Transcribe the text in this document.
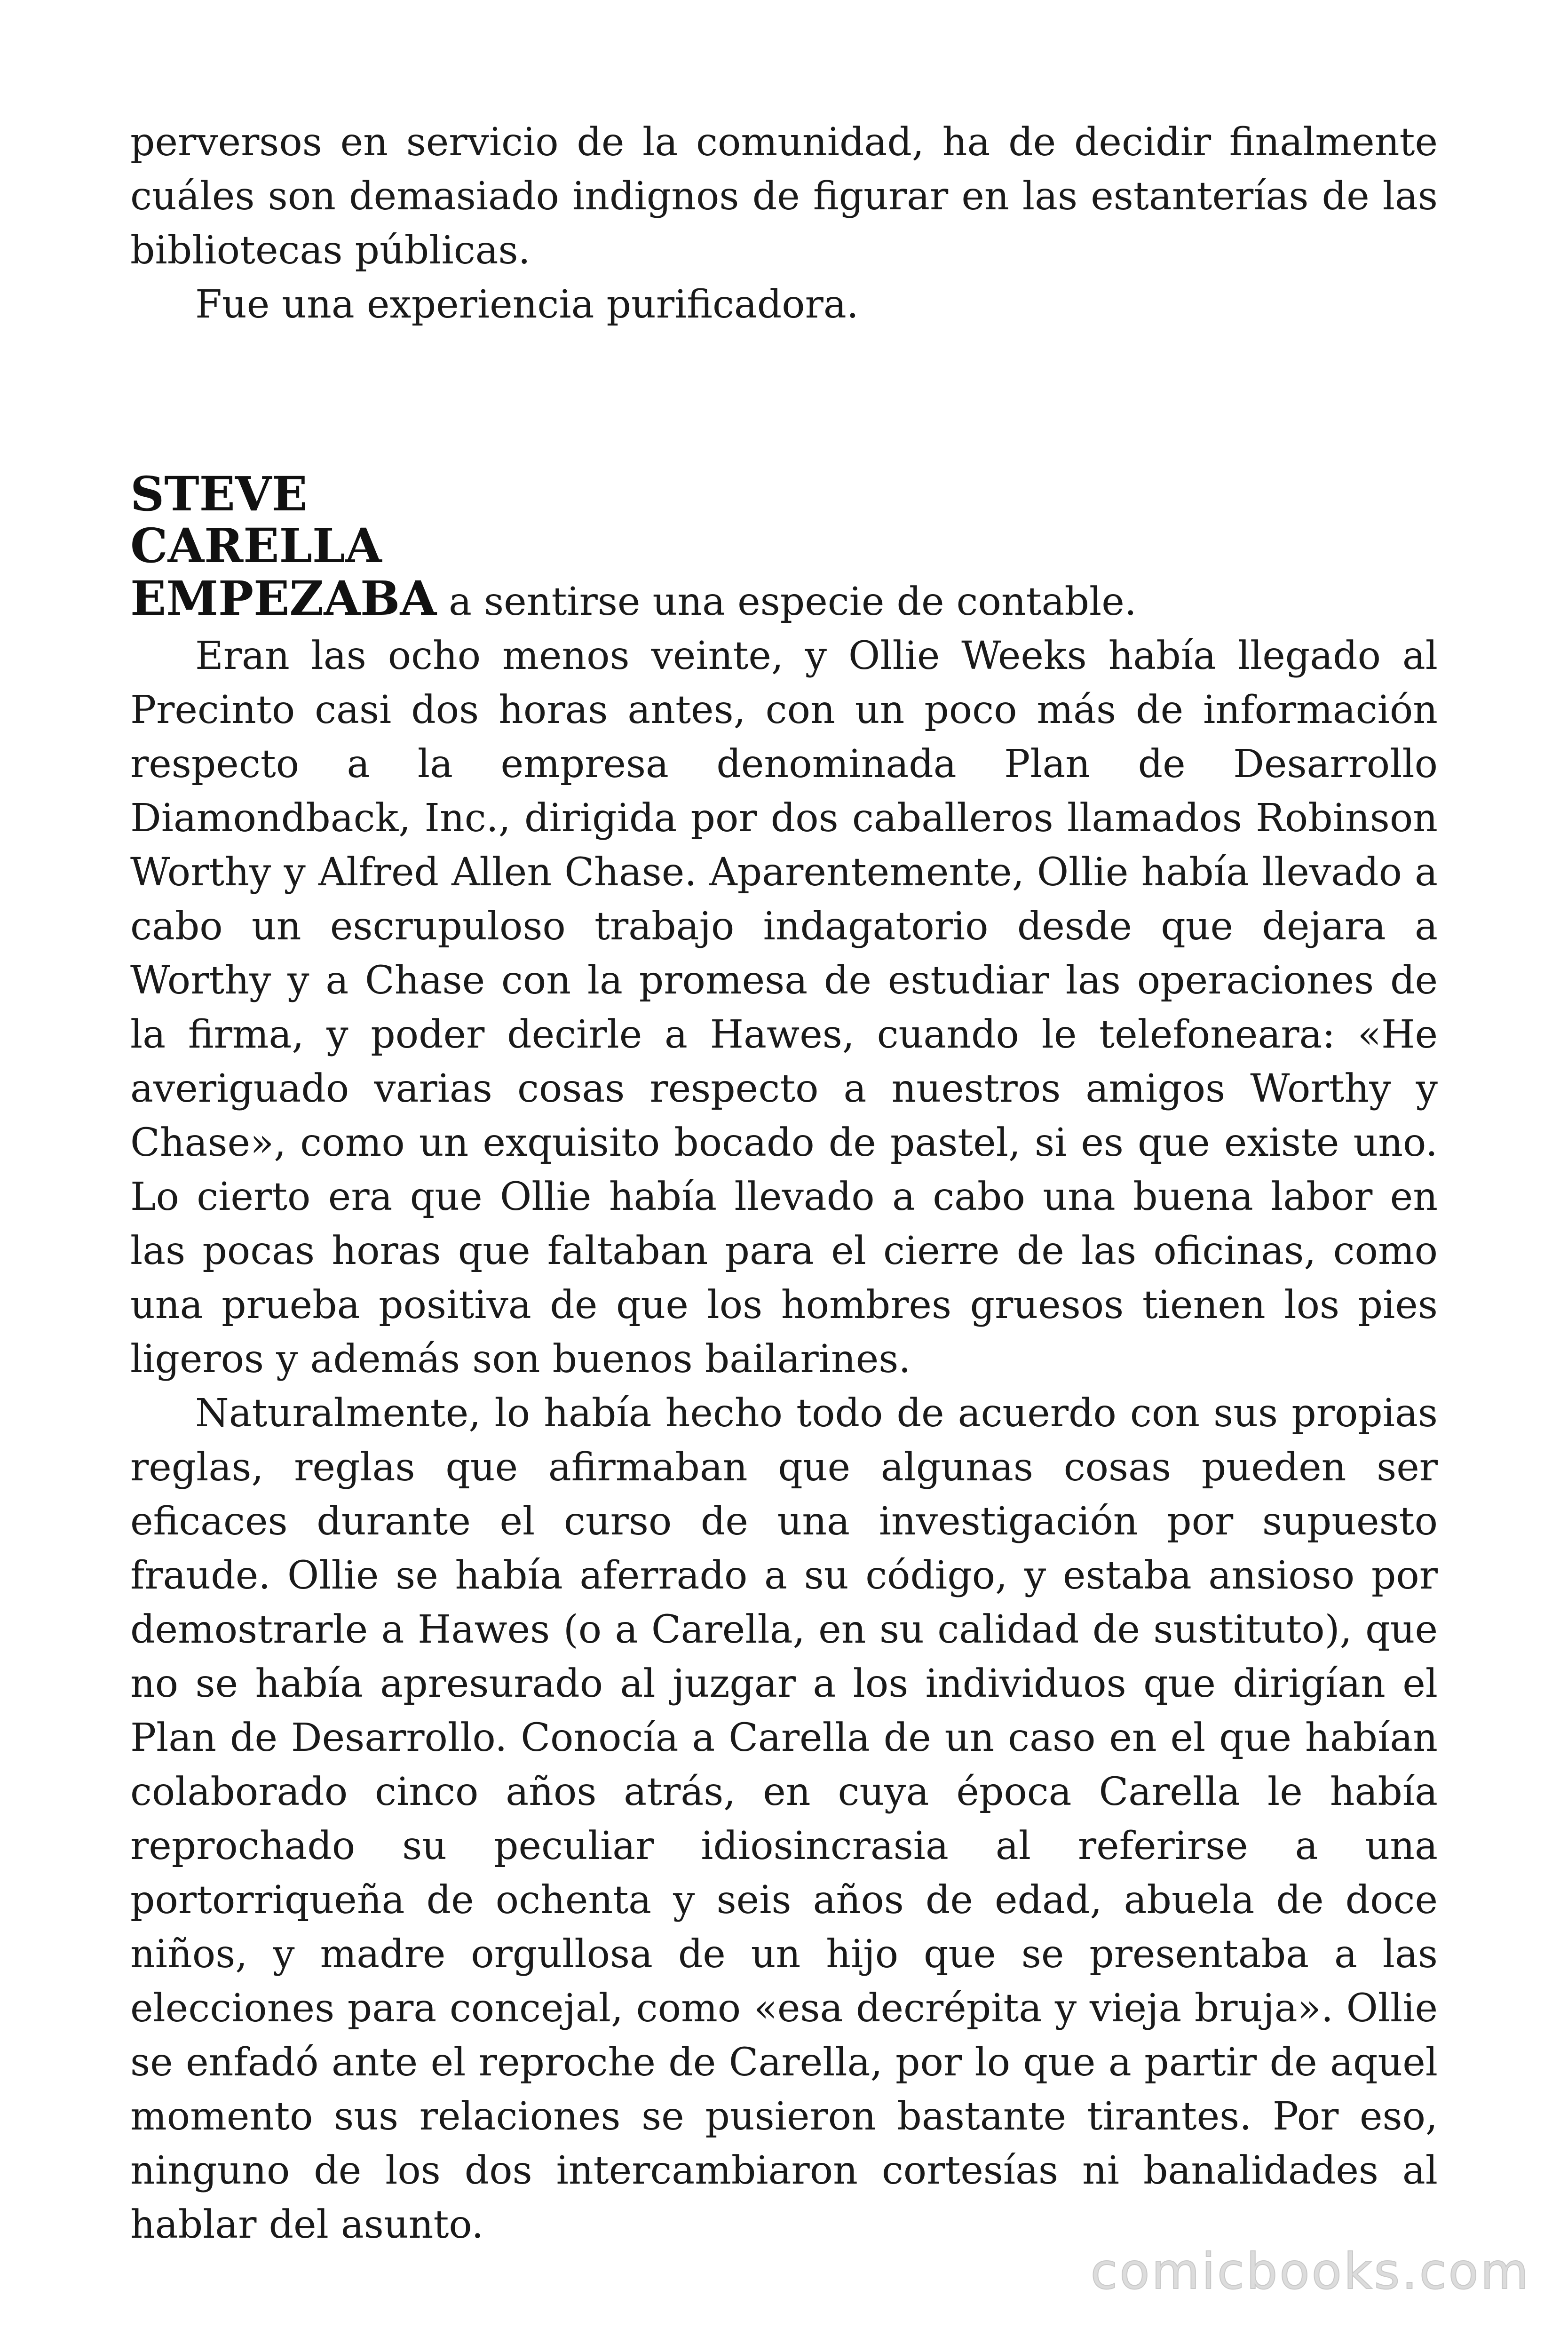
perversos en servicio de la comunidad, ha de decidir finalmente cuáles son demasiado indignos de figurar en las estanterías de las bibliotecas públicas.

Fue una experiencia purificadora.

STEVE
CARELLA

EMPEZABA a sentirse una especie de contable.

Eran las ocho menos veinte, y Ollie Weeks había llegado al Precinto casi dos horas antes, con un poco más de información respecto a la empresa denominada Plan de Desarrollo Diamondback, Inc., dirigida por dos caballeros llamados Robinson Worthy y Alfred Allen Chase. Aparentemente, Ollie había llevado a cabo un escrupuloso trabajo indagatorio desde que dejara a Worthy y a Chase con la promesa de estudiar las operaciones de la firma, y poder decirle a Hawes, cuando le telefoneara: «He averiguado varias cosas respecto a nuestros amigos Worthy y Chase», como un exquisito bocado de pastel, si es que existe uno. Lo cierto era que Ollie había llevado a cabo una buena labor en las pocas horas que faltaban para el cierre de las oficinas, como una prueba positiva de que los hombres gruesos tienen los pies ligeros y además son buenos bailarines.

Naturalmente, lo había hecho todo de acuerdo con sus propias reglas, reglas que afirmaban que algunas cosas pueden ser eficaces durante el curso de una investigación por supuesto fraude. Ollie se había aferrado a su código, y estaba ansioso por demostrarle a Hawes (o a Carella, en su calidad de sustituto), que no se había apresurado al juzgar a los individuos que dirigían el Plan de Desarrollo. Conocía a Carella de un caso en el que habían colaborado cinco años atrás, en cuya época Carella le había reprochado su peculiar idiosincrasia al referirse a una portorriqueña de ochenta y seis años de edad, abuela de doce niños, y madre orgullosa de un hijo que se presentaba a las elecciones para concejal, como «esa decrépita y vieja bruja». Ollie se enfadó ante el reproche de Carella, por lo que a partir de aquel momento sus relaciones se pusieron bastante tirantes. Por eso, ninguno de los dos intercambiaron cortesías ni banalidades al hablar del asunto.

comicbooks.com
